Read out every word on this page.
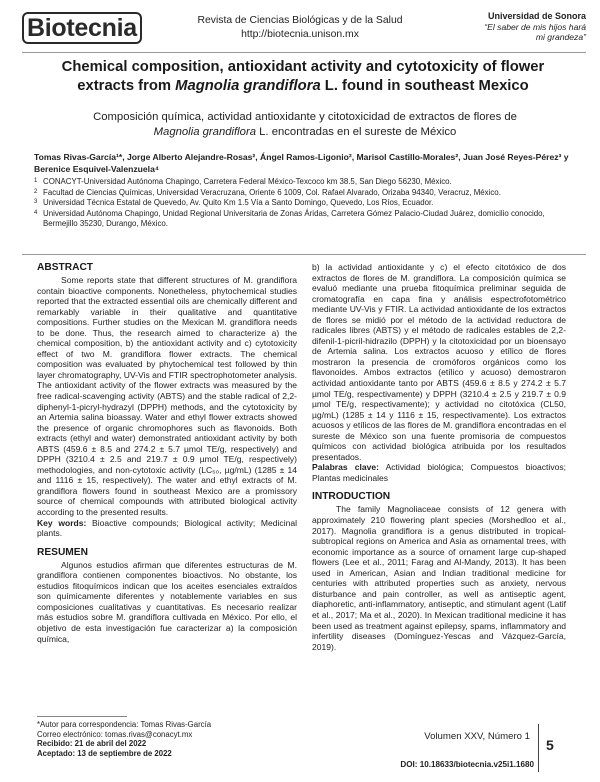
Biotecnia	Revista de Ciencias Biológicas y de la Salud
http://biotecnia.unison.mx
Universidad de Sonora
“El saber de mis hijos hará
mi grandeza”
Chemical composition, antioxidant activity and cytotoxicity of flower
extracts from Magnolia grandiflora L. found in southeast Mexico
Composición química, actividad antioxidante y citotoxicidad de extractos de flores de
Magnolia grandiflora L. encontradas en el sureste de México
Tomas Rivas-García¹*, Jorge Alberto Alejandre-Rosas², Ángel Ramos-Ligonio², Marisol Castillo-Morales², Juan José Reyes-Pérez³ y Berenice Esquivel-Valenzuela⁴
1 CONACYT-Universidad Autónoma Chapingo, Carretera Federal México-Texcoco km 38.5, San Diego 56230, México.
2 Facultad de Ciencias Químicas, Universidad Veracruzana, Oriente 6 1009, Col. Rafael Alvarado, Orizaba 94340, Veracruz, México.
3 Universidad Técnica Estatal de Quevedo, Av. Quito Km 1.5 Vía a Santo Domingo, Quevedo, Los Ríos, Ecuador.
4 Universidad Autónoma Chapingo, Unidad Regional Universitaria de Zonas Áridas, Carretera Gómez Palacio-Ciudad Juárez, domicilio conocido, Bermejillo 35230, Durango, México.
ABSTRACT

Some reports state that different structures of M. grandiflora contain bioactive components. Nonetheless, phytochemical studies reported that the extracted essential oils are chemically different and remarkably variable in their qualitative and quantitative compositions. Further studies on the Mexican M. grandiflora needs to be done. Thus, the research aimed to characterize a) the chemical composition, b) the antioxidant activity and c) cytotoxicity effect of two M. grandiflora flower extracts. The chemical composition was evaluated by phytochemical test followed by thin layer chromatography, UV-Vis and FTIR spectrophotometer analysis. The antioxidant activity of the flower extracts was measured by the free radical-scavenging activity (ABTS) and the stable radical of 2,2-diphenyl-1-picryl-hydrazyl (DPPH) methods, and the cytotoxicity by an Artemia salina bioassay. Water and ethyl flower extracts showed the presence of organic chromophores such as flavonoids. Both extracts (ethyl and water) demonstrated antioxidant activity by both ABTS (459.6 ± 8.5 and 274.2 ± 5.7 µmol TE/g, respectively) and DPPH (3210.4 ± 2.5 and 219.7 ± 0.9 µmol TE/g, respectively) methodologies, and non-cytotoxic activity (LC₅₀, µg/mL) (1285 ± 14 and 1116 ± 15, respectively). The water and ethyl extracts of M. grandiflora flowers found in southeast Mexico are a promissory source of chemical compounds with attributed biological activity according to the presented results.

Key words: Bioactive compounds; Biological activity; Medicinal plants.

RESUMEN

Algunos estudios afirman que diferentes estructuras de M. grandiflora contienen componentes bioactivos. No obstante, los estudios fitoquímicos indican que los aceites esenciales extraídos son químicamente diferentes y notablemente variables en sus composiciones cualitativas y cuantitativas. Es necesario realizar más estudios sobre M. grandiflora cultivada en México. Por ello, el objetivo de esta investigación fue caracterizar a) la composición química,

b) la actividad antioxidante y c) el efecto citotóxico de dos extractos de flores de M. grandiflora. La composición química se evaluó mediante una prueba fitoquímica preliminar seguida de cromatografía en capa fina y análisis espectrofotométrico mediante UV-Vis y FTIR. La actividad antioxidante de los extractos de flores se midió por el método de la actividad reductora de radicales libres (ABTS) y el método de radicales estables de 2,2-difenil-1-picril-hidrazilo (DPPH) y la citotoxicidad por un bioensayo de Artemia salina. Los extractos acuoso y etílico de flores mostraron la presencia de cromóforos orgánicos como los flavonoides. Ambos extractos (etílico y acuoso) demostraron actividad antioxidante tanto por ABTS (459.6 ± 8.5 y 274.2 ± 5.7 µmol TE/g, respectivamente) y DPPH (3210.4 ± 2.5 y 219.7 ± 0.9 µmol TE/g, respectivamente); y actividad no citotóxica (CL50, µg/mL) (1285 ± 14 y 1116 ± 15, respectivamente). Los extractos acuosos y etílicos de las flores de M. grandiflora encontradas en el sureste de México son una fuente promisoria de compuestos químicos con actividad biológica atribuida por los resultados presentados.

Palabras clave: Actividad biológica; Compuestos bioactivos; Plantas medicinales

INTRODUCTION

The family Magnoliaceae consists of 12 genera with approximately 210 flowering plant species (Morshedloo et al., 2017). Magnolia grandiflora is a genus distributed in tropical-subtropical regions on America and Asia as ornamental trees, with economic importance as a source of ornament large cup-shaped flowers (Lee et al., 2011; Farag and Al-Mandy, 2013). It has been used in American, Asian and Indian traditional medicine for centuries with attributed properties such as anxiety, nervous disturbance and pain controller, as well as antiseptic agent, diaphoretic, anti-inflammatory, antiseptic, and stimulant agent (Latif et al., 2017; Ma et al., 2020). In Mexican traditional medicine it has been used as treatment against epilepsy, spams, inflammatory and infertility diseases (Domínguez-Yescas and Vázquez-García, 2019).

*Autor para correspondencia: Tomas Rivas-García
Correo electrónico: tomas.rivas@conacyt.mx
Recibido: 21 de abril del 2022
Aceptado: 13 de septiembre de 2022
Volumen XXV, Número 1
DOI: 10.18633/biotecnia.v25i1.1680
5
